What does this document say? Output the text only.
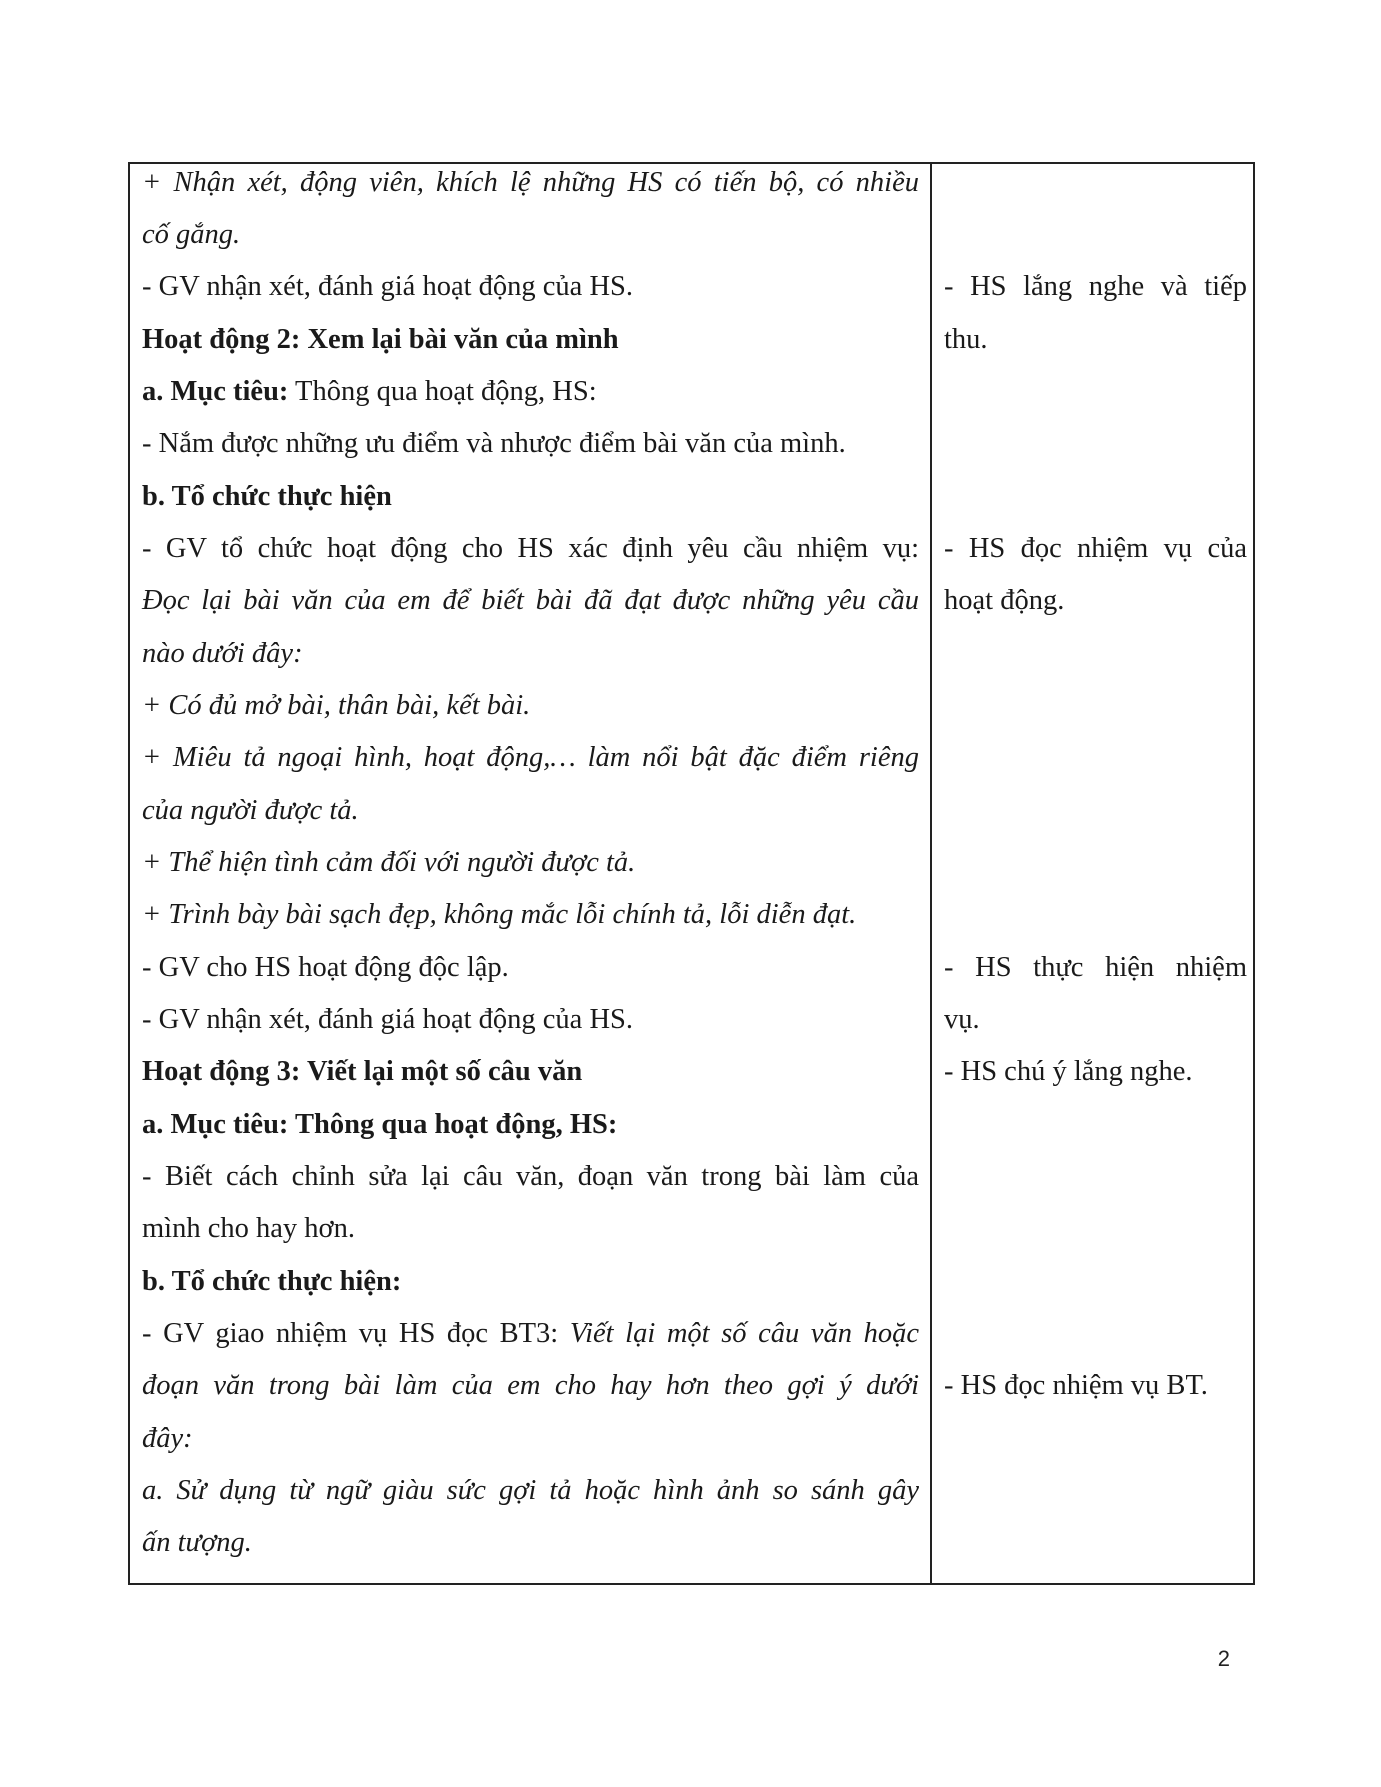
+ Nhận xét, động viên, khích lệ những HS có tiến bộ, có nhiều
cố gắng.
- GV nhận xét, đánh giá hoạt động của HS.
Hoạt động 2: Xem lại bài văn của mình
a. Mục tiêu: Thông qua hoạt động, HS:
- Nắm được những ưu điểm và nhược điểm bài văn của mình.
b. Tổ chức thực hiện
- GV tổ chức hoạt động cho HS xác định yêu cầu nhiệm vụ:
Đọc lại bài văn của em để biết bài đã đạt được những yêu cầu
nào dưới đây:
+ Có đủ mở bài, thân bài, kết bài.
+ Miêu tả ngoại hình, hoạt động,… làm nổi bật đặc điểm riêng
của người được tả.
+ Thể hiện tình cảm đối với người được tả.
+ Trình bày bài sạch đẹp, không mắc lỗi chính tả, lỗi diễn đạt.
- GV cho HS hoạt động độc lập.
- GV nhận xét, đánh giá hoạt động của HS.
Hoạt động 3: Viết lại một số câu văn
a. Mục tiêu: Thông qua hoạt động, HS:
- Biết cách chỉnh sửa lại câu văn, đoạn văn trong bài làm của
mình cho hay hơn.
b. Tổ chức thực hiện:
- GV giao nhiệm vụ HS đọc BT3: Viết lại một số câu văn hoặc
đoạn văn trong bài làm của em cho hay hơn theo gợi ý dưới
đây:
a. Sử dụng từ ngữ giàu sức gợi tả hoặc hình ảnh so sánh gây
ấn tượng.
- HS lắng nghe và tiếp
thu.
- HS đọc nhiệm vụ của
hoạt động.
- HS thực hiện nhiệm
vụ.
- HS chú ý lắng nghe.
- HS đọc nhiệm vụ BT.
2
